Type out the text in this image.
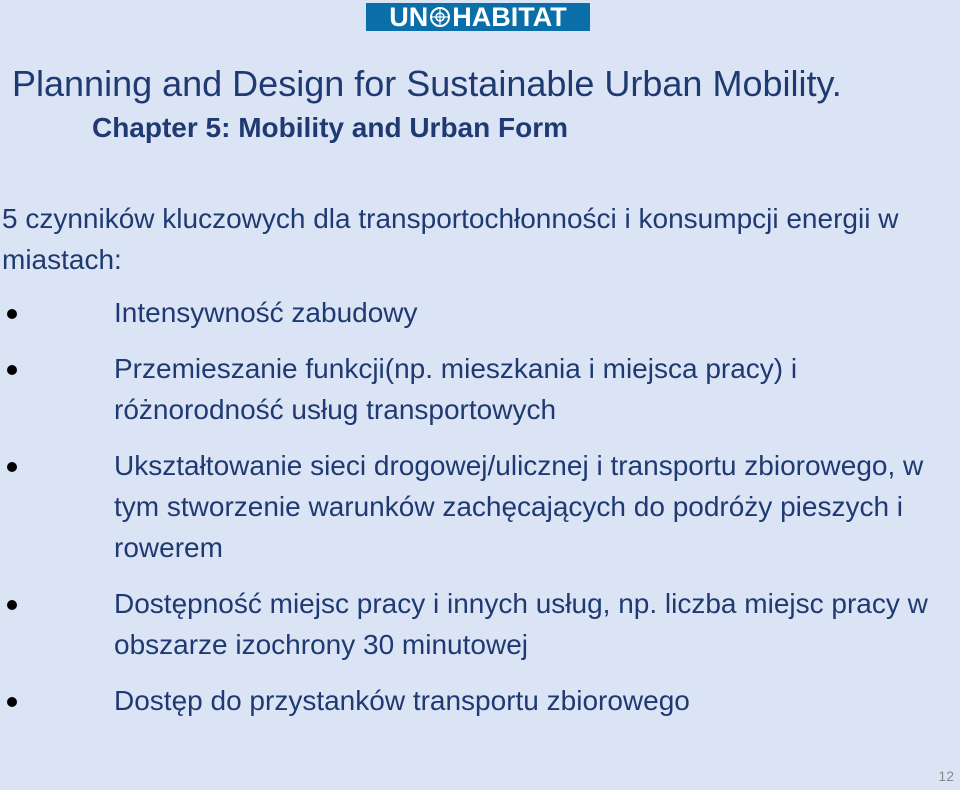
UN HABITAT
Planning and Design for Sustainable Urban Mobility.
Chapter 5: Mobility and Urban Form
5 czynników kluczowych dla transportochłonności i konsumpcji energii w miastach:
Intensywność zabudowy
Przemieszanie funkcji(np. mieszkania i miejsca pracy) i różnorodność usług transportowych
Ukształtowanie sieci drogowej/ulicznej i transportu zbiorowego, w tym stworzenie warunków zachęcających do podróży pieszych i rowerem
Dostępność miejsc pracy i innych usług, np. liczba miejsc pracy w obszarze izochrony 30 minutowej
Dostęp do przystanków transportu zbiorowego
12
